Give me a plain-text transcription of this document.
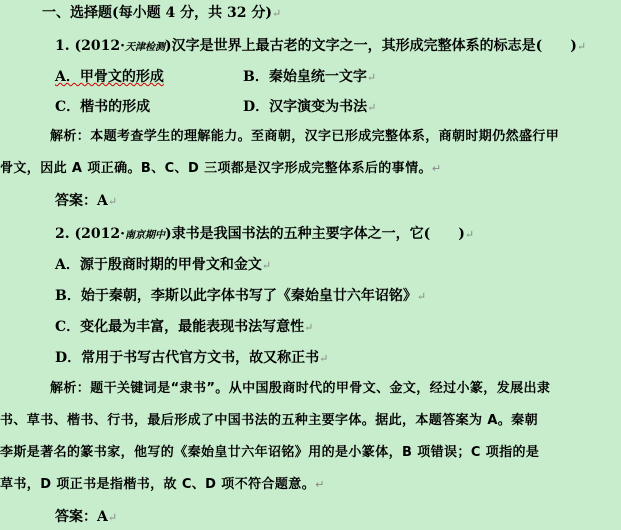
一、选择题(每小题 4 分，共 32 分)↵
1. (2012·天津检测)汉字是世界上最古老的文字之一，其形成完整体系的标志是(　　)↵
A．甲骨文的形成	B．秦始皇统一文字↵
C．楷书的形成	D．汉字演变为书法↵
解析：本题考查学生的理解能力。至商朝，汉字已形成完整体系，商朝时期仍然盛行甲
骨文，因此 A 项正确。B、C、D 三项都是汉字形成完整体系后的事情。↵
答案：A↵
2. (2012·南京期中)隶书是我国书法的五种主要字体之一，它(　　)↵
A．源于殷商时期的甲骨文和金文↵
B．始于秦朝，李斯以此字体书写了《秦始皇廿六年诏铭》↵
C．变化最为丰富，最能表现书法写意性↵
D．常用于书写古代官方文书，故又称正书↵
解析：题干关键词是“隶书”。从中国殷商时代的甲骨文、金文，经过小篆，发展出隶
书、草书、楷书、行书，最后形成了中国书法的五种主要字体。据此，本题答案为 A。秦朝
李斯是著名的篆书家，他写的《秦始皇廿六年诏铭》用的是小篆体，B 项错误；C 项指的是
草书，D 项正书是指楷书，故 C、D 项不符合题意。↵
答案：A↵
